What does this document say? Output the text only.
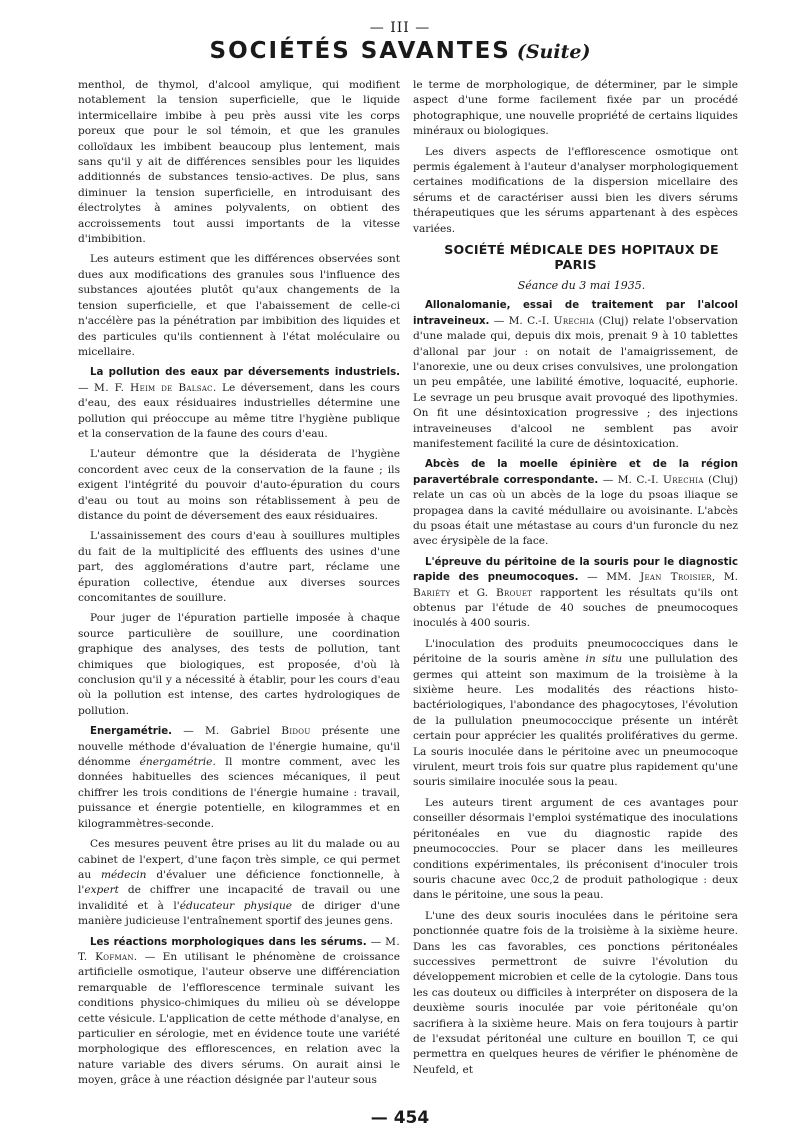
— III —
SOCIÉTÉS SAVANTES (Suite)

menthol, de thymol, d'alcool amylique, qui modifient notablement la tension superficielle, que le liquide intermicellaire imbibe à peu près aussi vite les corps poreux que pour le sol témoin, et que les granules colloïdaux les imbibent beaucoup plus lentement, mais sans qu'il y ait de différences sensibles pour les liquides additionnés de substances tensio-actives. De plus, sans diminuer la tension superficielle, en introduisant des électrolytes à amines polyvalents, on obtient des accroissements tout aussi importants de la vitesse d'imbibition.

Les auteurs estiment que les différences observées sont dues aux modifications des granules sous l'influence des substances ajoutées plutôt qu'aux changements de la tension superficielle, et que l'abaissement de celle-ci n'accélère pas la pénétration par imbibition des liquides et des particules qu'ils contiennent à l'état moléculaire ou micellaire.

La pollution des eaux par déversements industriels. — M. F. Heim de Balsac. Le déversement, dans les cours d'eau, des eaux résiduaires industrielles détermine une pollution qui préoccupe au même titre l'hygiène publique et la conservation de la faune des cours d'eau.

L'auteur démontre que la désiderata de l'hygiène concordent avec ceux de la conservation de la faune ; ils exigent l'intégrité du pouvoir d'auto-épuration du cours d'eau ou tout au moins son rétablissement à peu de distance du point de déversement des eaux résiduaires.

L'assainissement des cours d'eau à souillures multiples du fait de la multiplicité des effluents des usines d'une part, des agglomérations d'autre part, réclame une épuration collective, étendue aux diverses sources concomitantes de souillure.

Pour juger de l'épuration partielle imposée à chaque source particulière de souillure, une coordination graphique des analyses, des tests de pollution, tant chimiques que biologiques, est proposée, d'où là conclusion qu'il y a nécessité à établir, pour les cours d'eau où la pollution est intense, des cartes hydrologiques de pollution.

Energamétrie. — M. Gabriel Bidou présente une nouvelle méthode d'évaluation de l'énergie humaine, qu'il dénomme énergamétrie. Il montre comment, avec les données habituelles des sciences mécaniques, il peut chiffrer les trois conditions de l'énergie humaine : travail, puissance et énergie potentielle, en kilogrammes et en kilogrammètres-seconde.

Ces mesures peuvent être prises au lit du malade ou au cabinet de l'expert, d'une façon très simple, ce qui permet au médecin d'évaluer une déficience fonctionnelle, à l'expert de chiffrer une incapacité de travail ou une invalidité et à l'éducateur physique de diriger d'une manière judicieuse l'entraînement sportif des jeunes gens.

Les réactions morphologiques dans les sérums. — M. T. Kofman. — En utilisant le phénomène de croissance artificielle osmotique, l'auteur observe une différenciation remarquable de l'efflorescence terminale suivant les conditions physico-chimiques du milieu où se développe cette vésicule. L'application de cette méthode d'analyse, en particulier en sérologie, met en évidence toute une variété morphologique des efflorescences, en relation avec la nature variable des divers sérums. On aurait ainsi le moyen, grâce à une réaction désignée par l'auteur sous

le terme de morphologique, de déterminer, par le simple aspect d'une forme facilement fixée par un procédé photographique, une nouvelle propriété de certains liquides minéraux ou biologiques.

Les divers aspects de l'efflorescence osmotique ont permis également à l'auteur d'analyser morphologiquement certaines modifications de la dispersion micellaire des sérums et de caractériser aussi bien les divers sérums thérapeutiques que les sérums appartenant à des espèces variées.

SOCIÉTÉ MÉDICALE DES HOPITAUX DE PARIS

Séance du 3 mai 1935.

Allonalomanie, essai de traitement par l'alcool intraveineux. — M. C.-I. Urechia (Cluj) relate l'observation d'une malade qui, depuis dix mois, prenait 9 à 10 tablettes d'allonal par jour : on notait de l'amaigrissement, de l'anorexie, une ou deux crises convulsives, une prolongation un peu empâtée, une labilité émotive, loquacité, euphorie. Le sevrage un peu brusque avait provoqué des lipothymies. On fit une désintoxication progressive ; des injections intraveineuses d'alcool ne semblent pas avoir manifestement facilité la cure de désintoxication.

Abcès de la moelle épinière et de la région paravertébrale correspondante. — M. C.-I. Urechia (Cluj) relate un cas où un abcès de la loge du psoas iliaque se propagea dans la cavité médullaire ou avoisinante. L'abcès du psoas était une métastase au cours d'un furoncle du nez avec érysipèle de la face.

L'épreuve du péritoine de la souris pour le diagnostic rapide des pneumocoques. — MM. Jean Troisier, M. Bariéty et G. Brouet rapportent les résultats qu'ils ont obtenus par l'étude de 40 souches de pneumocoques inoculés à 400 souris.

L'inoculation des produits pneumococciques dans le péritoine de la souris amène in situ une pullulation des germes qui atteint son maximum de la troisième à la sixième heure. Les modalités des réactions histo-bactériologiques, l'abondance des phagocytoses, l'évolution de la pullulation pneumococcique présente un intérêt certain pour apprécier les qualités prolifératives du germe. La souris inoculée dans le péritoine avec un pneumocoque virulent, meurt trois fois sur quatre plus rapidement qu'une souris similaire inoculée sous la peau.

Les auteurs tirent argument de ces avantages pour conseiller désormais l'emploi systématique des inoculations péritonéales en vue du diagnostic rapide des pneumococcies. Pour se placer dans les meilleures conditions expérimentales, ils préconisent d'inoculer trois souris chacune avec 0cc,2 de produit pathologique : deux dans le péritoine, une sous la peau.

L'une des deux souris inoculées dans le péritoine sera ponctionnée quatre fois de la troisième à la sixième heure. Dans les cas favorables, ces ponctions péritonéales successives permettront de suivre l'évolution du développement microbien et celle de la cytologie. Dans tous les cas douteux ou difficiles à interpréter on disposera de la deuxième souris inoculée par voie péritonéale qu'on sacrifiera à la sixième heure. Mais on fera toujours à partir de l'exsudat péritonéal une culture en bouillon T, ce qui permettra en quelques heures de vérifier le phénomène de Neufeld, et

— 454
